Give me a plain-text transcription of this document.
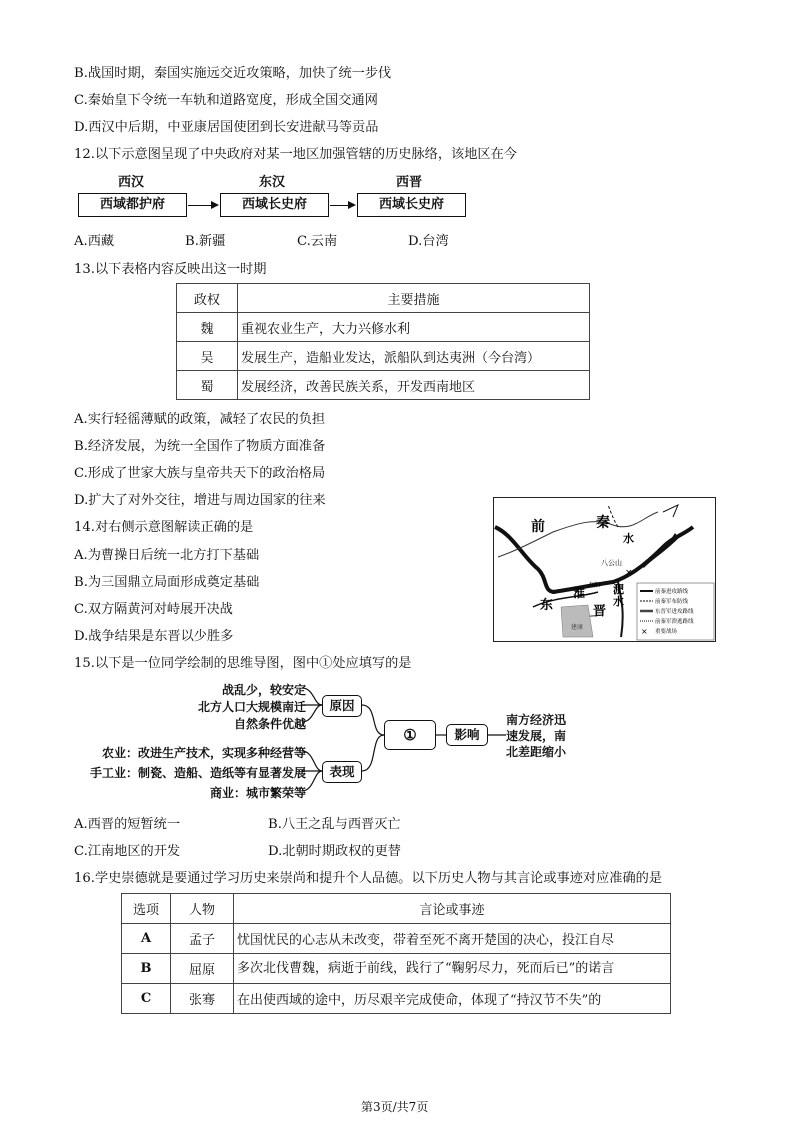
B.战国时期，秦国实施远交近攻策略，加快了统一步伐
C.秦始皇下令统一车轨和道路宽度，形成全国交通网
D.西汉中后期，中亚康居国使团到长安进献马等贡品
12.以下示意图呈现了中央政府对某一地区加强管辖的历史脉络，该地区在今
西汉	东汉	西晋
西域都护府	西域长史府	西域长史府
A.西藏	B.新疆	C.云南	D.台湾
13.以下表格内容反映出这一时期
政权	主要措施
魏	重视农业生产，大力兴修水利
吴	发展生产，造船业发达，派船队到达夷洲（今台湾）
蜀	发展经济，改善民族关系，开发西南地区
A.实行轻徭薄赋的政策，减轻了农民的负担
B.经济发展，为统一全国作了物质方面准备
C.形成了世家大族与皇帝共天下的政治格局
D.扩大了对外交往，增进与周边国家的往来
14.对右侧示意图解读正确的是
A.为曹操日后统一北方打下基础
B.为三国鼎立局面形成奠定基础
C.双方隔黄河对峙展开决战
D.战争结果是东晋以少胜多
×
前	秦
水
八公山
淮	淝
水
东	晋
寿阳
建康
前秦进攻路线
前秦军布防线
东晋军进攻路线
前秦军溃逃路线
× 重要战场
15.以下是一位同学绘制的思维导图，图中①处应填写的是
战乱少，较安定
北方人口大规模南迁
自然条件优越
原因
农业：改进生产技术，实现多种经营等
手工业：制瓷、造船、造纸等有显著发展
商业：城市繁荣等
表现
①	影响
南方经济迅
速发展，南
北差距缩小
A.西晋的短暂统一	B.八王之乱与西晋灭亡
C.江南地区的开发	D.北朝时期政权的更替
16.学史崇德就是要通过学习历史来崇尚和提升个人品德。以下历史人物与其言论或事迹对应准确的是
选项	人物	言论或事迹
A	孟子	忧国忧民的心志从未改变，带着至死不离开楚国的决心，投江自尽
B	屈原	多次北伐曹魏，病逝于前线，践行了“鞠躬尽力，死而后已”的诺言
C	张骞	在出使西域的途中，历尽艰辛完成使命，体现了“持汉节不失”的
第3页/共7页
